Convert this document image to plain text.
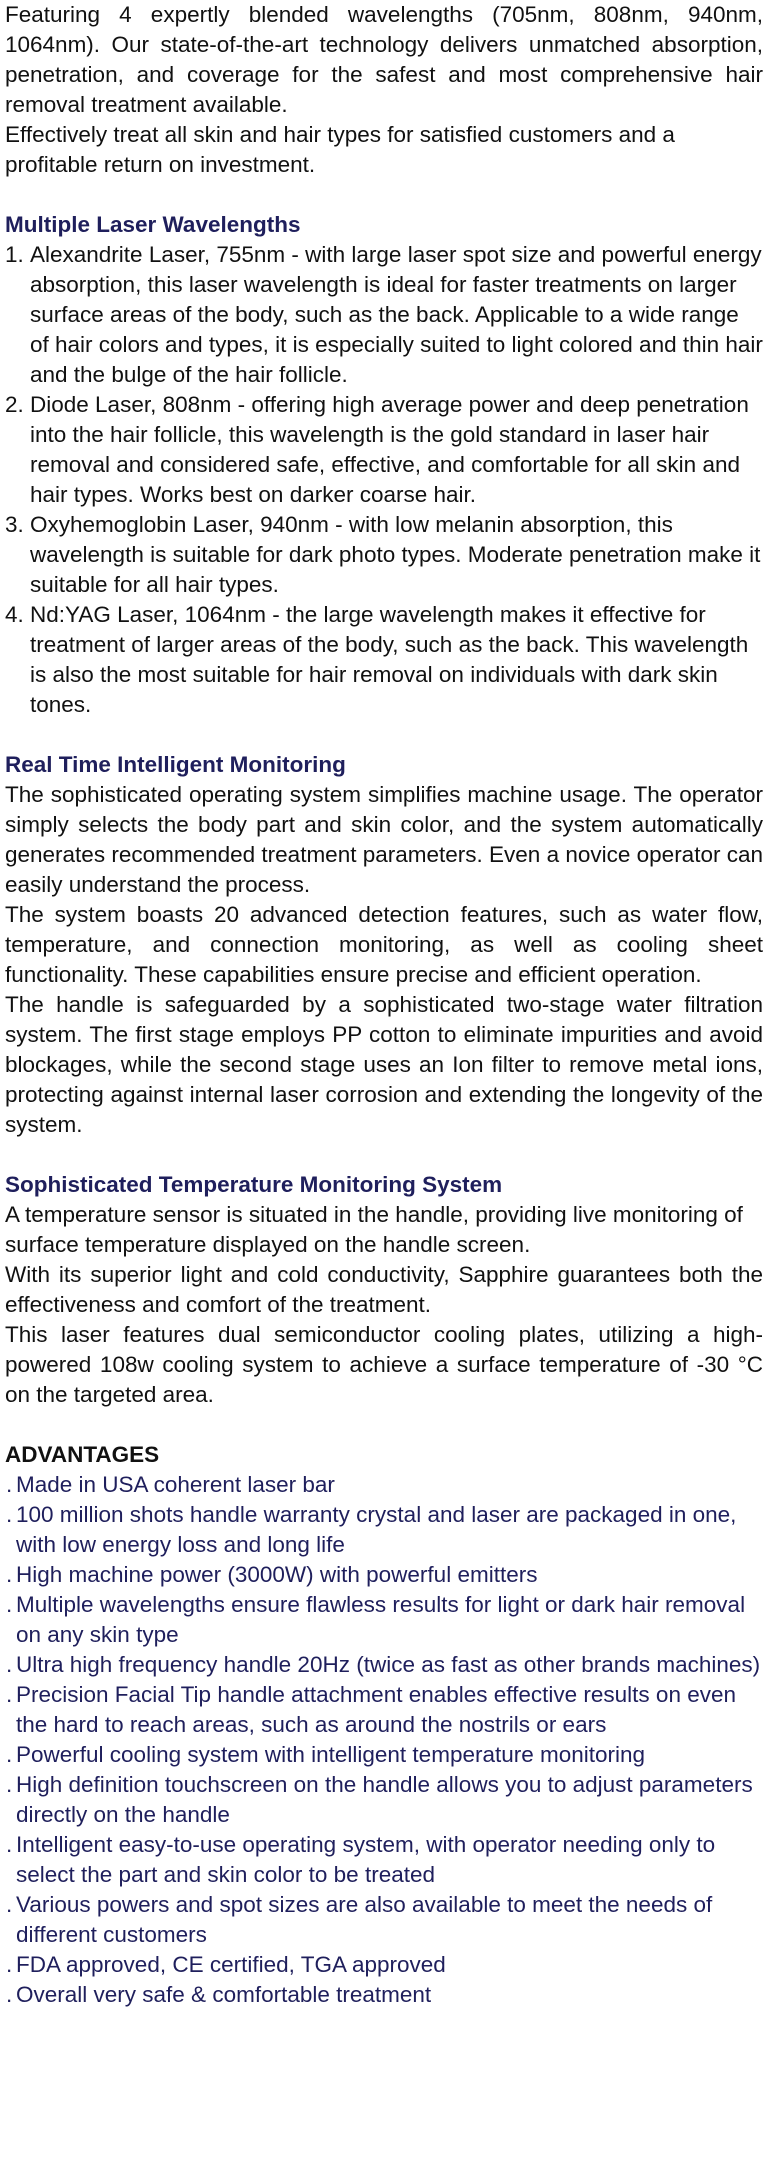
Featuring 4 expertly blended wavelengths (705nm, 808nm, 940nm, 1064nm). Our state-of-the-art technology delivers unmatched absorption, penetration, and coverage for the safest and most comprehensive hair removal treatment available.

Effectively treat all skin and hair types for satisfied customers and a profitable return on investment.

Multiple Laser Wavelengths
1. Alexandrite Laser, 755nm - with large laser spot size and powerful energy absorption, this laser wavelength is ideal for faster treatments on larger surface areas of the body, such as the back. Applicable to a wide range of hair colors and types, it is especially suited to light colored and thin hair and the bulge of the hair follicle.
2. Diode Laser, 808nm - offering high average power and deep penetration into the hair follicle, this wavelength is the gold standard in laser hair removal and considered safe, effective, and comfortable for all skin and hair types. Works best on darker coarse hair.
3. Oxyhemoglobin Laser, 940nm - with low melanin absorption, this wavelength is suitable for dark photo types. Moderate penetration make it suitable for all hair types.
4. Nd:YAG Laser, 1064nm - the large wavelength makes it effective for treatment of larger areas of the body, such as the back. This wavelength is also the most suitable for hair removal on individuals with dark skin tones.
Real Time Intelligent Monitoring

The sophisticated operating system simplifies machine usage. The operator simply selects the body part and skin color, and the system automatically generates recommended treatment parameters. Even a novice operator can easily understand the process.

The system boasts 20 advanced detection features, such as water flow, temperature, and connection monitoring, as well as cooling sheet functionality. These capabilities ensure precise and efficient operation.

The handle is safeguarded by a sophisticated two-stage water filtration system. The first stage employs PP cotton to eliminate impurities and avoid blockages, while the second stage uses an Ion filter to remove metal ions, protecting against internal laser corrosion and extending the longevity of the system.

Sophisticated Temperature Monitoring System

A temperature sensor is situated in the handle, providing live monitoring of surface temperature displayed on the handle screen.

With its superior light and cold conductivity, Sapphire guarantees both the effectiveness and comfort of the treatment.

This laser features dual semiconductor cooling plates, utilizing a high-powered 108w cooling system to achieve a surface temperature of -30 °C on the targeted area.

ADVANTAGES
. Made in USA coherent laser bar
. 100 million shots handle warranty crystal and laser are packaged in one, with low energy loss and long life
. High machine power (3000W) with powerful emitters
. Multiple wavelengths ensure flawless results for light or dark hair removal on any skin type
. Ultra high frequency handle 20Hz (twice as fast as other brands machines)
. Precision Facial Tip handle attachment enables effective results on even the hard to reach areas, such as around the nostrils or ears
. Powerful cooling system with intelligent temperature monitoring
. High definition touchscreen on the handle allows you to adjust parameters directly on the handle
. Intelligent easy-to-use operating system, with operator needing only to select the part and skin color to be treated
. Various powers and spot sizes are also available to meet the needs of different customers
. FDA approved, CE certified, TGA approved
. Overall very safe & comfortable treatment
